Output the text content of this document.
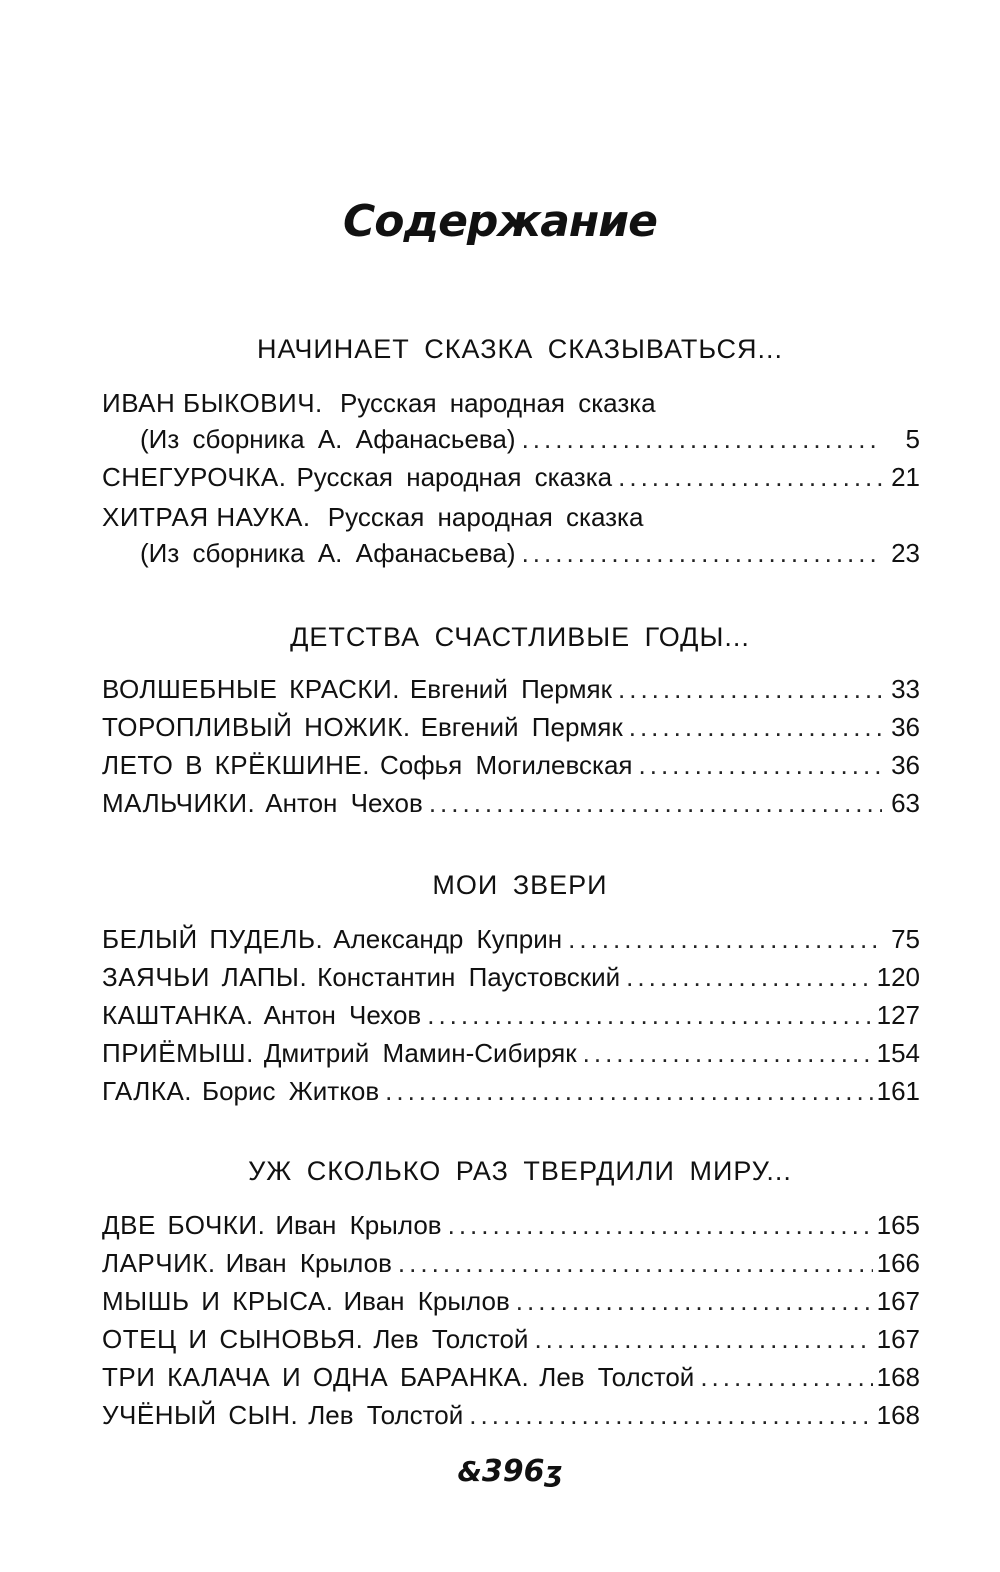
Содержание
НАЧИНАЕТ СКАЗКА СКАЗЫВАТЬСЯ...
ИВАН БЫКОВИЧ. Русская народная сказка
(Из сборника А. Афанасьева) .....	5
СНЕГУРОЧКА. Русская народная сказка .....	21
ХИТРАЯ НАУКА. Русская народная сказка
(Из сборника А. Афанасьева) .....	23
ДЕТСТВА СЧАСТЛИВЫЕ ГОДЫ...
ВОЛШЕБНЫЕ КРАСКИ. Евгений Пермяк .....	33
ТОРОПЛИВЫЙ НОЖИК. Евгений Пермяк .....	36
ЛЕТО В КРЁКШИНЕ. Софья Могилевская .....	36
МАЛЬЧИКИ. Антон Чехов .....	63
МОИ ЗВЕРИ
БЕЛЫЙ ПУДЕЛЬ. Александр Куприн .....	75
ЗАЯЧЬИ ЛАПЫ. Константин Паустовский .....	120
КАШТАНКА. Антон Чехов .....	127
ПРИЁМЫШ. Дмитрий Мамин-Сибиряк .....	154
ГАЛКА. Борис Житков .....	161
УЖ СКОЛЬКО РАЗ ТВЕРДИЛИ МИРУ...
ДВЕ БОЧКИ. Иван Крылов .....	165
ЛАРЧИК. Иван Крылов .....	166
МЫШЬ И КРЫСА. Иван Крылов .....	167
ОТЕЦ И СЫНОВЬЯ. Лев Толстой .....	167
ТРИ КАЛАЧА И ОДНА БАРАНКА. Лев Толстой .....	168
УЧЁНЫЙ СЫН. Лев Толстой .....	168
&396ӡ
